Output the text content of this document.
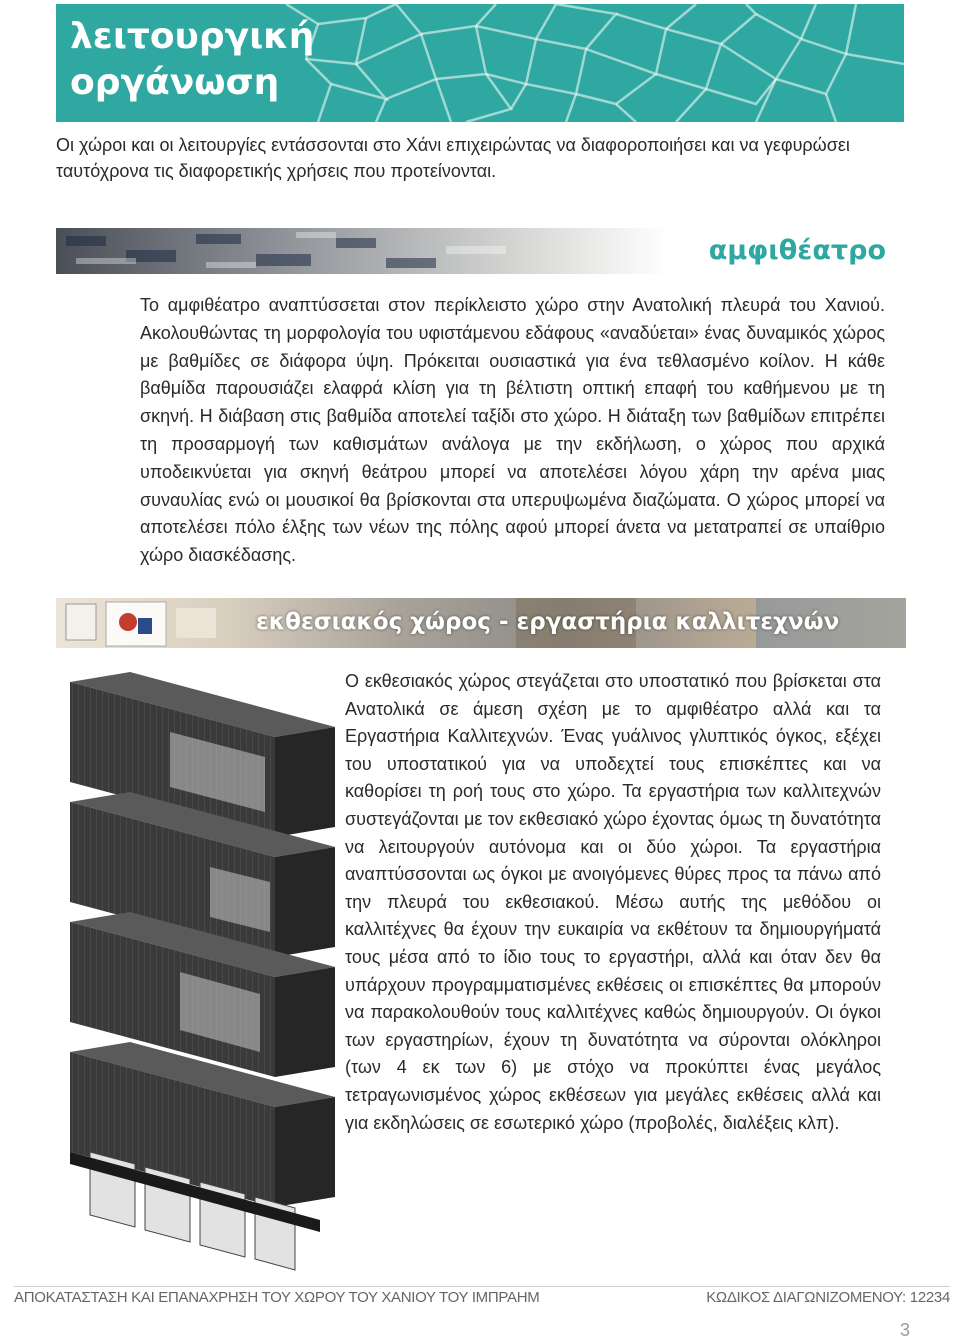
λειτουργική
οργάνωση

Οι χώροι και οι λειτουργίες εντάσσονται στο Χάνι επιχειρώντας να διαφοροποιήσει και να γεφυρώσει ταυτόχρονα τις διαφορετικής χρήσεις που προτείνονται.

αμφιθέατρο

Το αμφιθέατρο αναπτύσσεται στον περίκλειστο χώρο στην Ανατολική πλευρά του Χανιού. Ακολουθώντας τη μορφολογία του υφιστάμενου εδάφους «αναδύεται» ένας δυναμικός χώρος με βαθμίδες σε διάφορα ύψη. Πρόκειται ουσιαστικά για ένα τεθλασμένο κοίλον. Η κάθε βαθμίδα παρουσιάζει ελαφρά κλίση για τη βέλτιστη οπτική επαφή του καθήμενου με τη σκηνή. Η διάβαση στις βαθμίδα αποτελεί ταξίδι στο χώρο. Η διάταξη των βαθμίδων επιτρέπει τη προσαρμογή των καθισμάτων ανάλογα με την εκδήλωση, ο χώρος που αρχικά υποδεικνύεται για σκηνή θεάτρου μπορεί να αποτελέσει λόγου χάρη την αρένα μιας συναυλίας ενώ οι μουσικοί θα βρίσκονται στα υπερυψωμένα διαζώματα. Ο χώρος μπορεί να αποτελέσει πόλο έλξης των νέων της πόλης αφού μπορεί άνετα να μετατραπεί σε υπαίθριο χώρο διασκέδασης.

εκθεσιακός χώρος - εργαστήρια καλλιτεχνών

Ο εκθεσιακός χώρος στεγάζεται στο υποστατικό που βρίσκεται στα Ανατολικά σε άμεση σχέση με το αμφιθέατρο αλλά και τα Εργαστήρια Καλλιτεχνών. Ένας γυάλινος γλυπτικός όγκος, εξέχει του υποστατικού για να υποδεχτεί τους επισκέπτες και να καθορίσει τη ροή τους στο χώρο. Τα εργαστήρια των καλλιτεχνών συστεγάζονται με τον εκθεσιακό χώρο έχοντας όμως τη δυνατότητα να λειτουργούν αυτόνομα και οι δύο χώροι. Τα εργαστήρια αναπτύσσονται ως όγκοι με ανοιγόμενες θύρες προς τα πάνω από την πλευρά του εκθεσιακού. Μέσω αυτής της μεθόδου οι καλλιτέχνες θα έχουν την ευκαιρία να εκθέτουν τα δημιουργήματά τους μέσα από το ίδιο τους το εργαστήρι, αλλά και όταν δεν θα υπάρχουν προγραμματισμένες εκθέσεις οι επισκέπτες θα μπορούν να παρακολουθούν τους καλλιτέχνες καθώς δημιουργούν. Οι όγκοι των εργαστηρίων, έχουν τη δυνατότητα να σύρονται ολόκληροι (των 4 εκ των 6) με στόχο να προκύπτει ένας μεγάλος τετραγωνισμένος χώρος εκθέσεων για μεγάλες εκθέσεις αλλά και για εκδηλώσεις σε εσωτερικό χώρο (προβολές, διαλέξεις κλπ).

ΑΠΟΚΑΤΑΣΤΑΣΗ ΚΑΙ ΕΠΑΝΑΧΡΗΣΗ ΤΟΥ ΧΩΡΟΥ ΤΟΥ ΧΑΝΙΟΥ ΤΟΥ ΙΜΠΡΑΗΜ	ΚΩΔΙΚΟΣ ΔΙΑΓΩΝΙΖΟΜΕΝΟΥ: 12234
3
